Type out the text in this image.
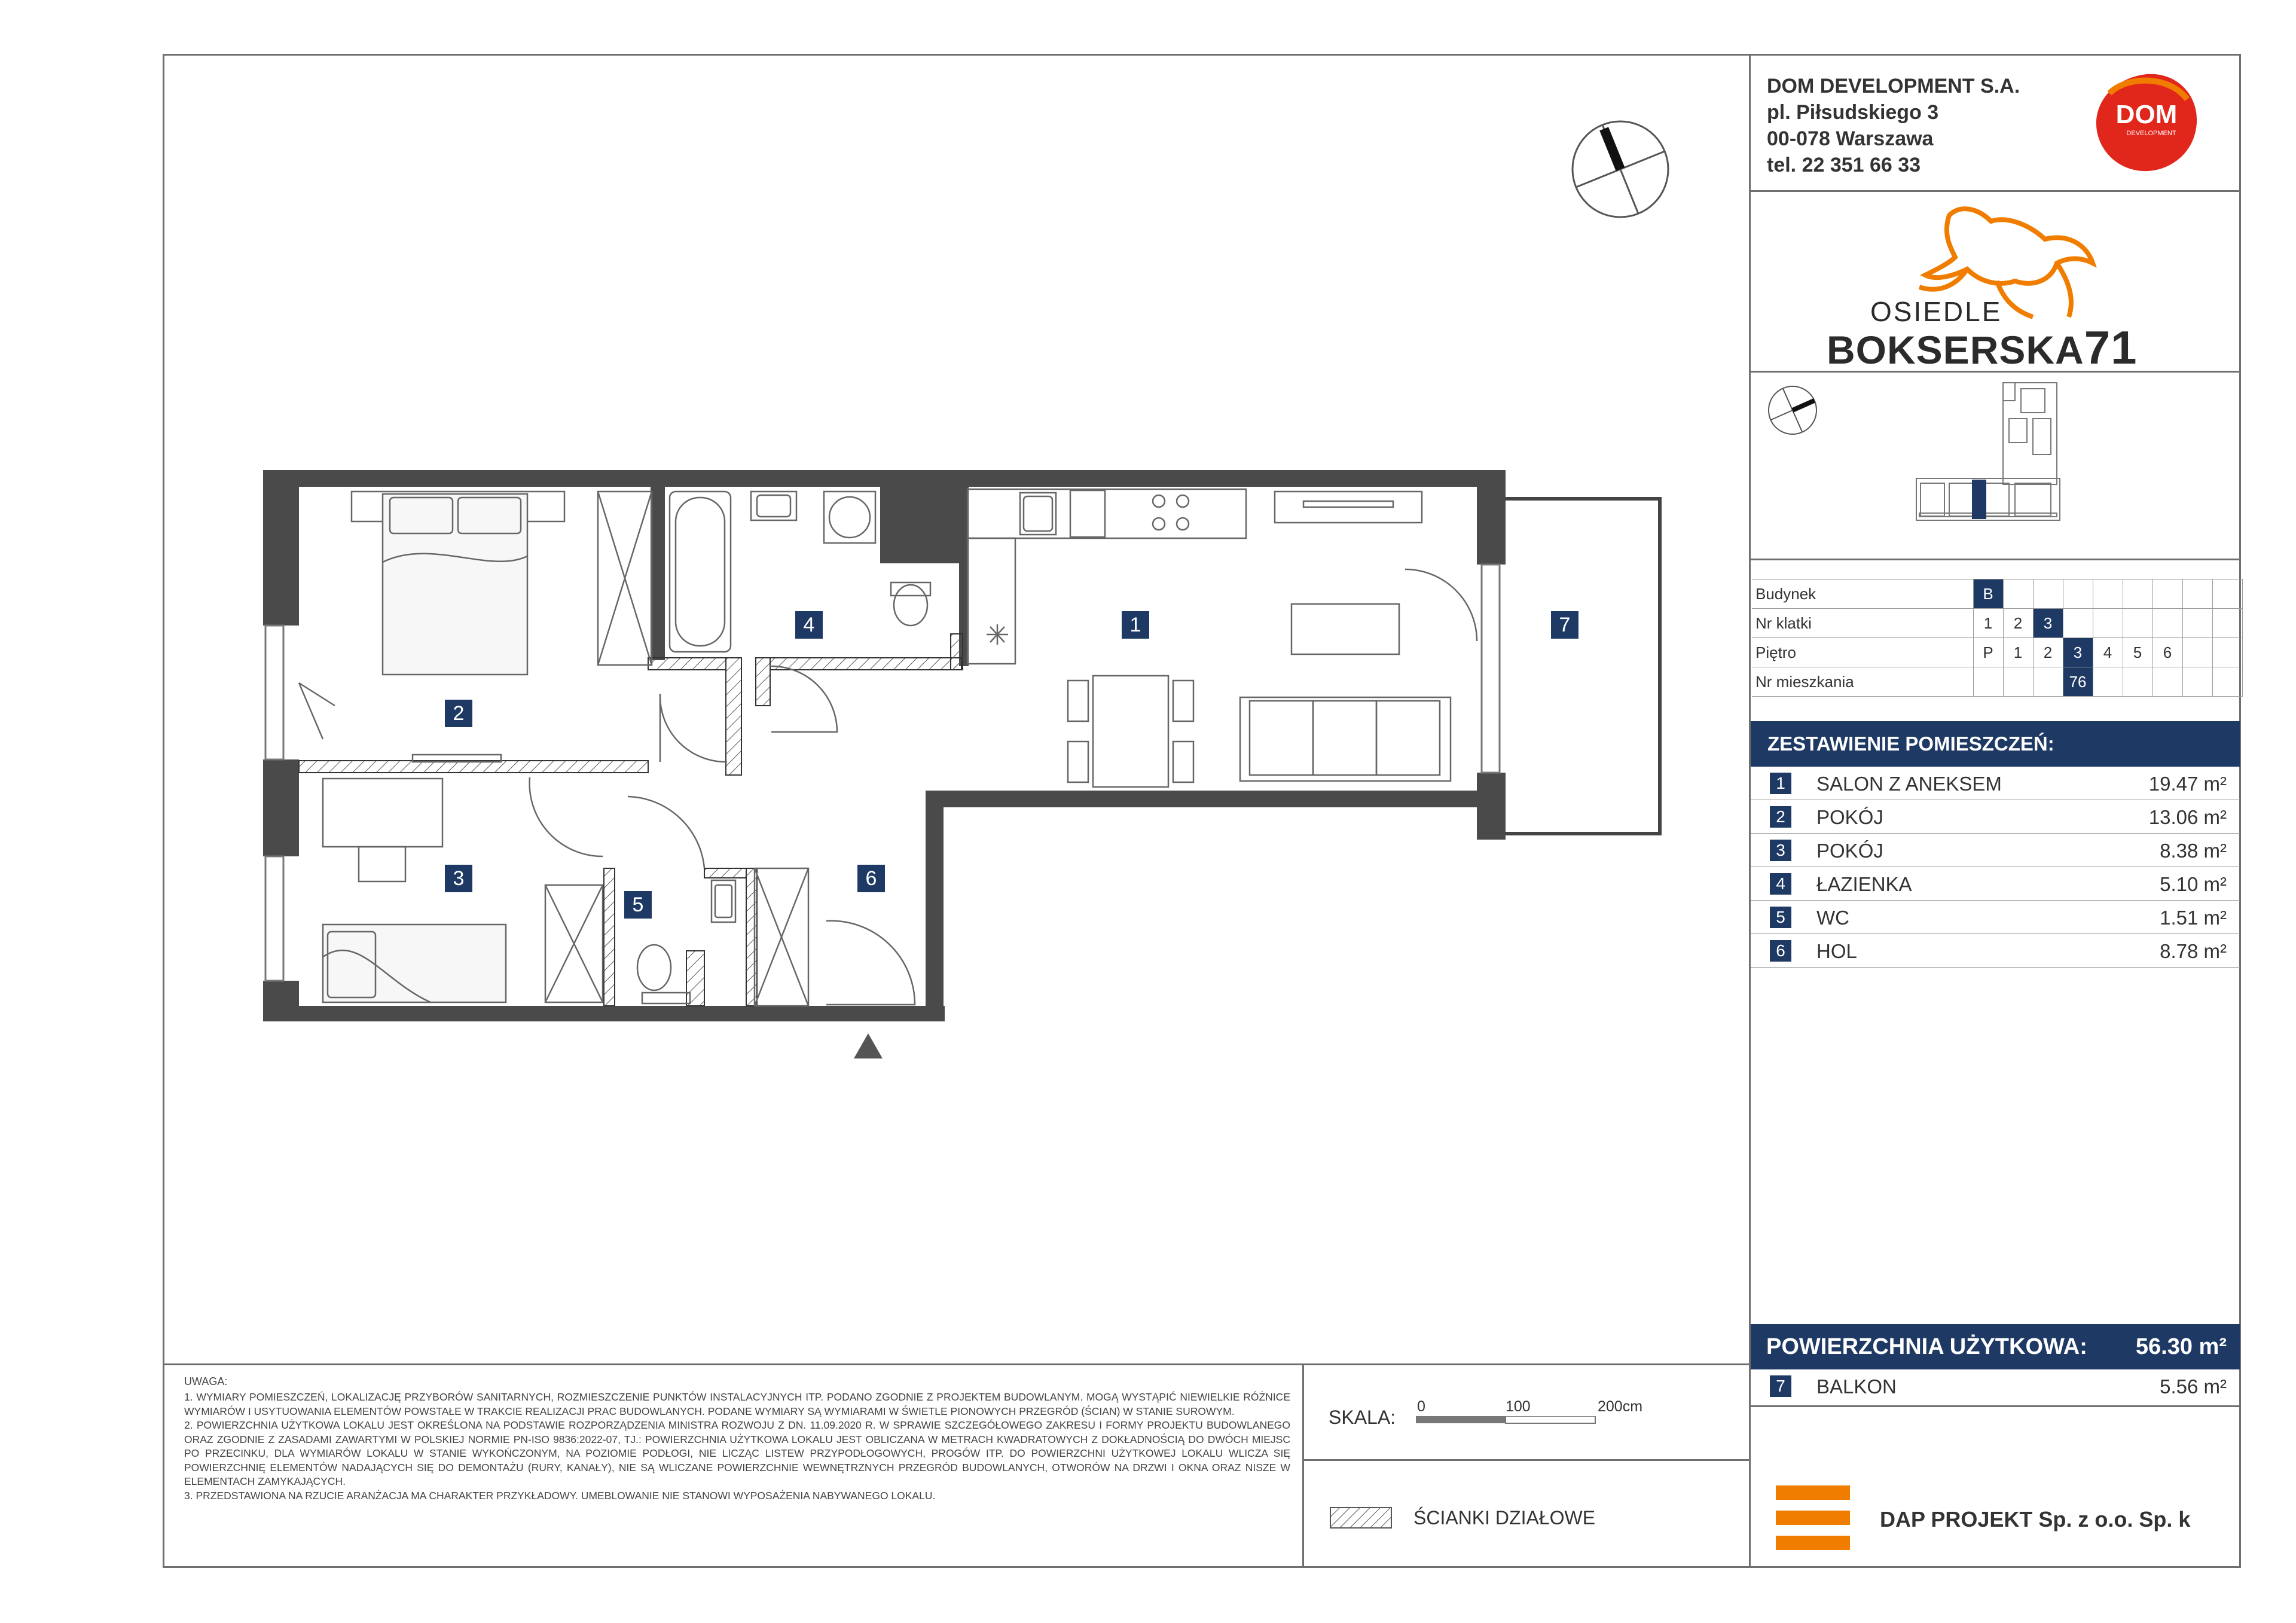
1
2
3
4
5
6
7
DOM DEVELOPMENT S.A.
pl. Piłsudskiego 3
00-078 Warszawa
tel. 22 351 66 33
DOM
DEVELOPMENT
OSIEDLE
BOKSERSKA71
Budynek	B								
Nr klatki	1	2	3						
Piętro	P	1	2	3	4	5	6		
Nr mieszkania				76					
ZESTAWIENIE POMIESZCZEŃ:
1	SALON Z ANEKSEM	19.47 m²
2	POKÓJ	13.06 m²
3	POKÓJ	8.38 m²
4	ŁAZIENKA	5.10 m²
5	WC	1.51 m²
6	HOL	8.78 m²
POWIERZCHNIA UŻYTKOWA: 56.30 m²
7	BALKON	5.56 m²
UWAGA:

1. WYMIARY POMIESZCZEŃ, LOKALIZACJĘ PRZYBORÓW SANITARNYCH, ROZMIESZCZENIE PUNKTÓW INSTALACYJNYCH ITP. PODANO ZGODNIE Z PROJEKTEM BUDOWLANYM. MOGĄ WYSTĄPIĆ NIEWIELKIE RÓŻNICE WYMIARÓW I USYTUOWANIA ELEMENTÓW POWSTAŁE W TRAKCIE REALIZACJI PRAC BUDOWLANYCH. PODANE WYMIARY SĄ WYMIARAMI W ŚWIETLE PIONOWYCH PRZEGRÓD (ŚCIAN) W STANIE SUROWYM.

2. POWIERZCHNIA UŻYTKOWA LOKALU JEST OKREŚLONA NA PODSTAWIE ROZPORZĄDZENIA MINISTRA ROZWOJU Z DN. 11.09.2020 R. W SPRAWIE SZCZEGÓŁOWEGO ZAKRESU I FORMY PROJEKTU BUDOWLANEGO ORAZ ZGODNIE Z ZASADAMI ZAWARTYMI W POLSKIEJ NORMIE PN-ISO 9836:2022-07, TJ.: POWIERZCHNIA UŻYTKOWA LOKALU JEST OBLICZANA W METRACH KWADRATOWYCH Z DOKŁADNOŚCIĄ DO DWÓCH MIEJSC PO PRZECINKU, DLA WYMIARÓW LOKALU W STANIE WYKOŃCZONYM, NA POZIOMIE PODŁOGI, NIE LICZĄC LISTEW PRZYPODŁOGOWYCH, PROGÓW ITP. DO POWIERZCHNI UŻYTKOWEJ LOKALU WLICZA SIĘ POWIERZCHNIĘ ELEMENTÓW NADAJĄCYCH SIĘ DO DEMONTAŻU (RURY, KANAŁY), NIE SĄ WLICZANE POWIERZCHNIE WEWNĘTRZNYCH PRZEGRÓD BUDOWLANYCH, OTWORÓW NA DRZWI I OKNA ORAZ NISZE W ELEMENTACH ZAMYKAJĄCYCH.

3. PRZEDSTAWIONA NA RZUCIE ARANŻACJA MA CHARAKTER PRZYKŁADOWY. UMEBLOWANIE NIE STANOWI WYPOSAŻENIA NABYWANEGO LOKALU.

SKALA: 0	100	200cm
ŚCIANKI DZIAŁOWE	DAP PROJEKT Sp. z o.o. Sp. k
